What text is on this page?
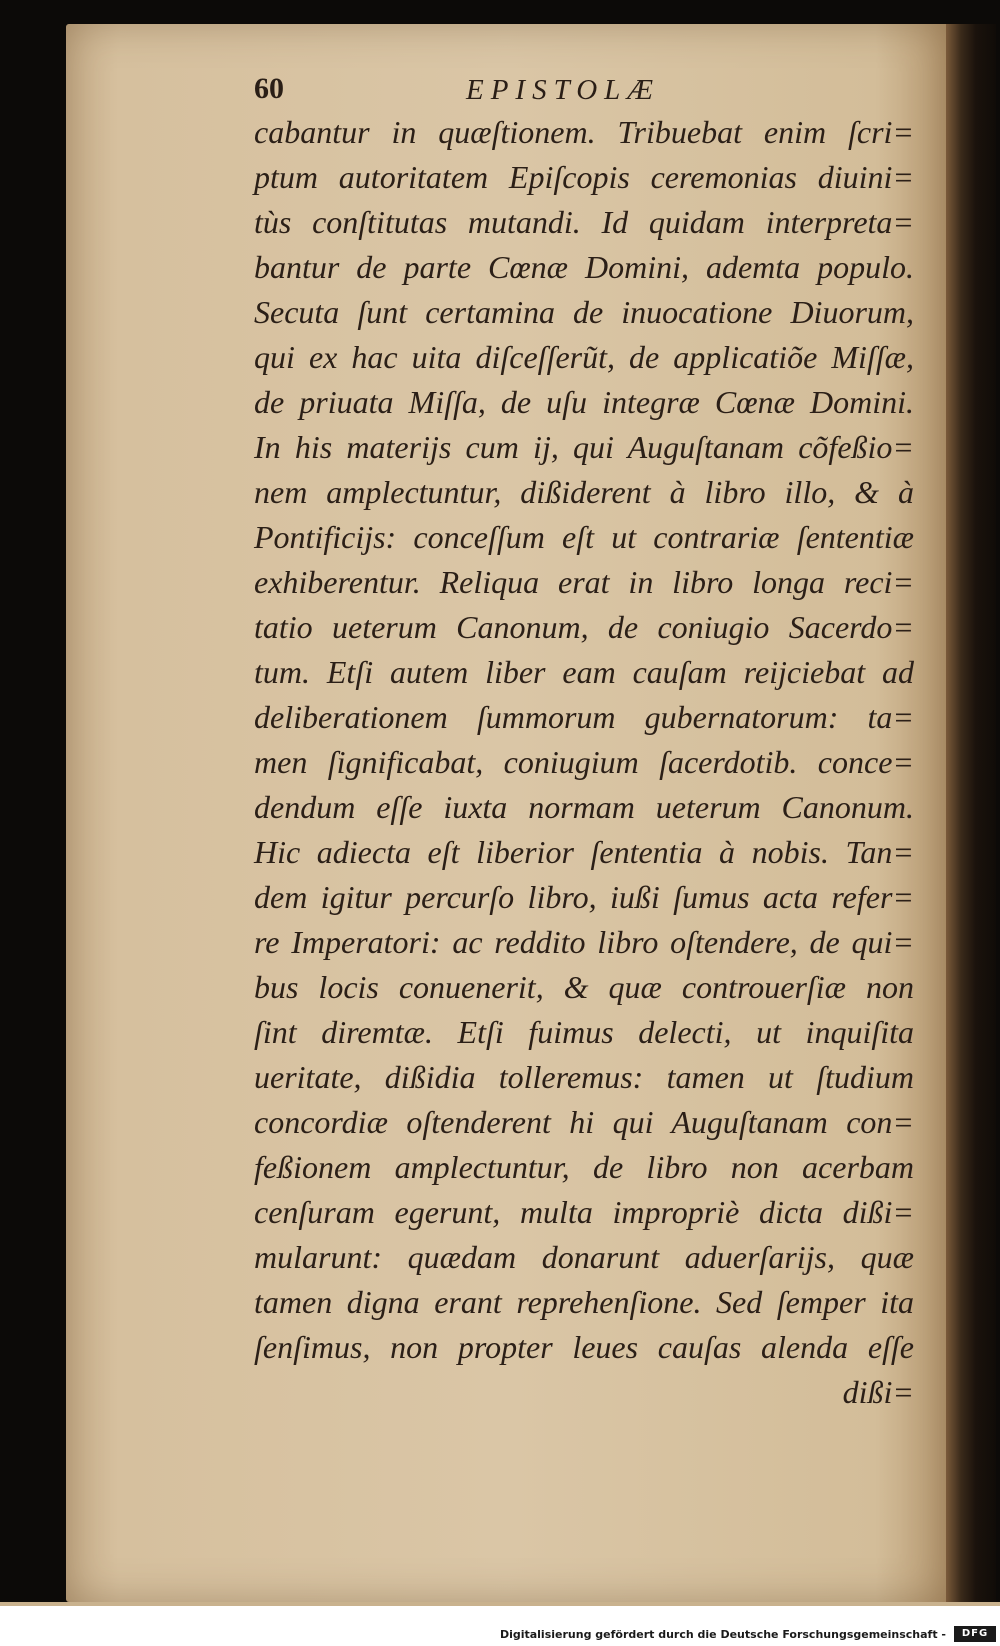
60	EPISTOLÆ
cabantur in quæſtionem. Tribuebat enim ſcri=
ptum autoritatem Epiſcopis ceremonias diuini=
tùs conſtitutas mutandi. Id quidam interpreta=
bantur de parte Cœnæ Domini, ademta populo.
Secuta ſunt certamina de inuocatione Diuorum,
qui ex hac uita diſceſſerũt, de applicatiõe Miſſæ,
de priuata Miſſa, de uſu integræ Cœnæ Domini.
In his materijs cum ij, qui Auguſtanam cõfeßio=
nem amplectuntur, dißiderent à libro illo, & à
Pontificijs: conceſſum eſt ut contrariæ ſententiæ
exhiberentur. Reliqua erat in libro longa reci=
tatio ueterum Canonum, de coniugio Sacerdo=
tum. Etſi autem liber eam cauſam reijciebat ad
deliberationem ſummorum gubernatorum: ta=
men ſignificabat, coniugium ſacerdotib. conce=
dendum eſſe iuxta normam ueterum Canonum.
Hic adiecta eſt liberior ſententia à nobis. Tan=
dem igitur percurſo libro, iußi ſumus acta refer=
re Imperatori: ac reddito libro oſtendere, de qui=
bus locis conuenerit, & quæ controuerſiæ non
ſint diremtæ. Etſi fuimus delecti, ut inquiſita
ueritate, dißidia tolleremus: tamen ut ſtudium
concordiæ oſtenderent hi qui Auguſtanam con=
feßionem amplectuntur, de libro non acerbam
cenſuram egerunt, multa impropriè dicta dißi=
mularunt: quædam donarunt aduerſarijs, quæ
tamen digna erant reprehenſione. Sed ſemper ita
ſenſimus, non propter leues cauſas alenda eſſe
dißi=
Digitalisierung gefördert durch die Deutsche Forschungsgemeinschaft -	DFG
